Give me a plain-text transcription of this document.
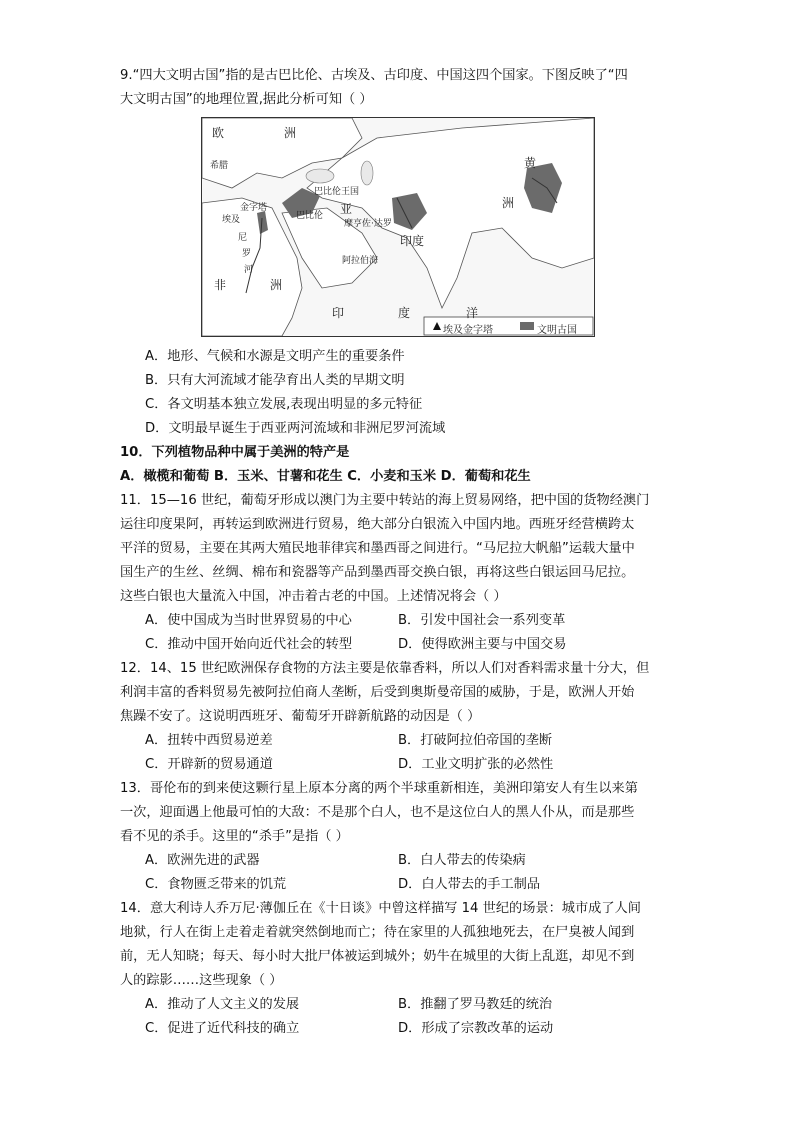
9.“四大文明古国”指的是古巴比伦、古埃及、古印度、中国这四个国家。下图反映了“四
大文明古国”的地理位置,据此分析可知（ ）
欧	洲
希腊
巴比伦王国
亚
巴比伦
埃及	摩亨佐·达罗
印度
阿拉伯海
非	洲
尼
罗
河
黄
洲
印	度	洋
金字塔
埃及金字塔	文明古国
A．地形、气候和水源是文明产生的重要条件
B．只有大河流域才能孕育出人类的早期文明
C．各文明基本独立发展,表现出明显的多元特征
D．文明最早诞生于西亚两河流域和非洲尼罗河流域
10．下列植物品种中属于美洲的特产是
A．橄榄和葡萄 B．玉米、甘薯和花生 C．小麦和玉米 D．葡萄和花生
11．15—16 世纪，葡萄牙形成以澳门为主要中转站的海上贸易网络，把中国的货物经澳门
运往印度果阿，再转运到欧洲进行贸易，绝大部分白银流入中国内地。西班牙经营横跨太
平洋的贸易，主要在其两大殖民地菲律宾和墨西哥之间进行。“马尼拉大帆船”运载大量中
国生产的生丝、丝绸、棉布和瓷器等产品到墨西哥交换白银，再将这些白银运回马尼拉。
这些白银也大量流入中国，冲击着古老的中国。上述情况将会（ ）
A．使中国成为当时世界贸易的中心	B．引发中国社会一系列变革
C．推动中国开始向近代社会的转型	D．使得欧洲主要与中国交易
12．14、15 世纪欧洲保存食物的方法主要是依靠香料，所以人们对香料需求量十分大，但
利润丰富的香料贸易先被阿拉伯商人垄断，后受到奥斯曼帝国的威胁，于是，欧洲人开始
焦躁不安了。这说明西班牙、葡萄牙开辟新航路的动因是（ ）
A．扭转中西贸易逆差	B．打破阿拉伯帝国的垄断
C．开辟新的贸易通道	D．工业文明扩张的必然性
13．哥伦布的到来使这颗行星上原本分离的两个半球重新相连，美洲印第安人有生以来第
一次，迎面遇上他最可怕的大敌：不是那个白人，也不是这位白人的黑人仆从，而是那些
看不见的杀手。这里的“杀手”是指（ ）
A．欧洲先进的武器	B．白人带去的传染病
C．食物匮乏带来的饥荒	D．白人带去的手工制品
14．意大利诗人乔万尼·薄伽丘在《十日谈》中曾这样描写 14 世纪的场景：城市成了人间
地狱，行人在街上走着走着就突然倒地而亡；待在家里的人孤独地死去，在尸臭被人闻到
前，无人知晓；每天、每小时大批尸体被运到城外；奶牛在城里的大街上乱逛，却见不到
人的踪影……这些现象（ ）
A．推动了人文主义的发展	B．推翻了罗马教廷的统治
C．促进了近代科技的确立	D．形成了宗教改革的运动
